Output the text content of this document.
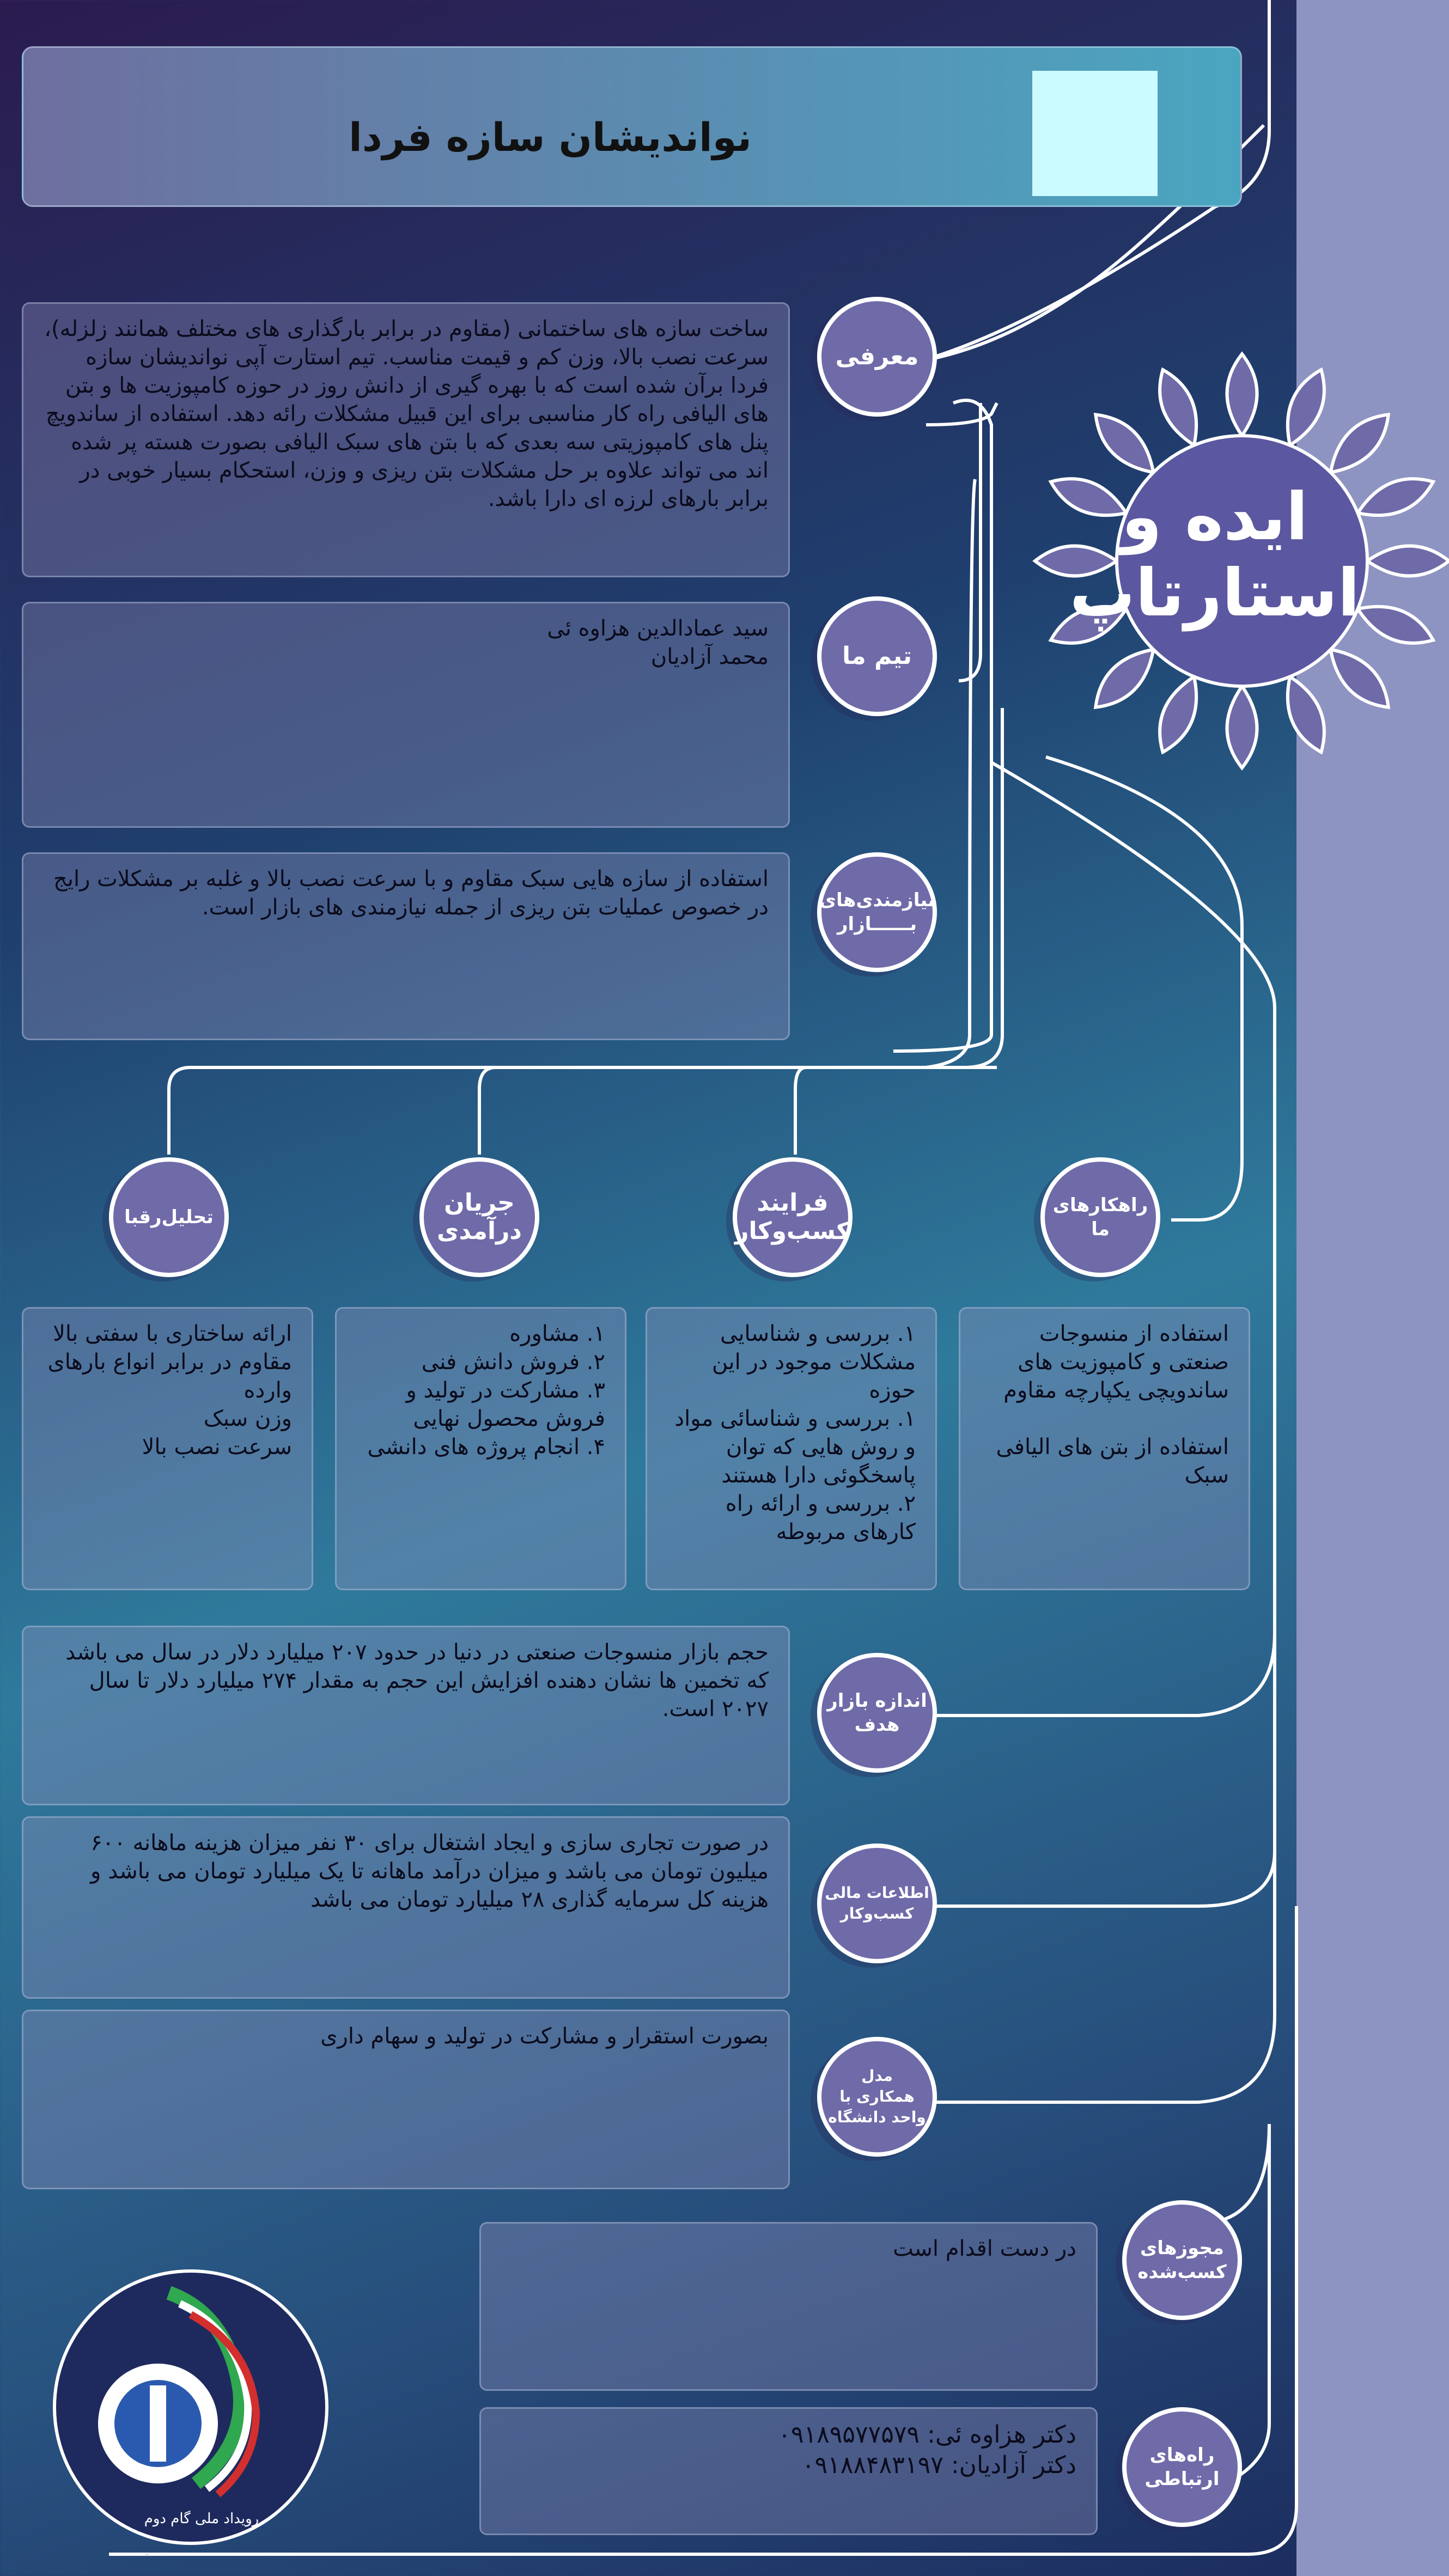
نواندیشان سازه فردا
ایده و
استارتاپ
ساخت سازه های ساختمانی (مقاوم در برابر بارگذاری های مختلف همانند زلزله)، سرعت نصب بالا، وزن کم و قیمت مناسب. تیم استارت آپی نواندیشان سازه فردا برآن شده است که با بهره گیری از دانش روز در حوزه کامپوزیت ها و بتن های الیافی راه کار مناسبی برای این قبیل مشکلات رائه دهد. استفاده از ساندویچ پنل های کامپوزیتی سه بعدی که با بتن های سبک الیافی بصورت هسته پر شده اند می تواند علاوه بر حل مشکلات بتن ریزی و وزن، استحکام بسیار خوبی در برابر بارهای لرزه ای دارا باشد.
معرفی
سید عمادالدین هزاوه ئی
محمد آزادیان	تیم ما
استفاده از سازه هایی سبک مقاوم و با سرعت نصب بالا و غلبه بر مشکلات رایج در خصوص عملیات بتن ریزی از جمله نیازمندی های بازار است.	نیازمندی‌های
بــــــازار
راهکارهای
ما
فرایند
کسب‌و‌کار
جریان
درآمدی
تحلیل‌رقبا
استفاده از منسوجات صنعتی و کامپوزیت های ساندویچی یکپارچه مقاوم

استفاده از بتن های الیافی سبک
۱. بررسی و شناسایی مشکلات موجود در این حوزه
۱. بررسی و شناسائی مواد و روش هایی که توان پاسخگوئی دارا هستند
۲. بررسی و ارائه راه کارهای مربوطه
۱. مشاوره
۲. فروش دانش فنی
۳. مشارکت در تولید و فروش محصول نهایی
۴. انجام پروژه های دانشی
ارائه ساختاری با سفتی بالا
مقاوم در برابر انواع بارهای وارده
وزن سبک
سرعت نصب بالا
حجم بازار منسوجات صنعتی در دنیا در حدود ۲۰۷ میلیارد دلار در سال می باشد که تخمین ها نشان دهنده افزایش این حجم به مقدار ۲۷۴ میلیارد دلار تا سال ۲۰۲۷ است.	اندازه بازار
هدف
در صورت تجاری سازی و ایجاد اشتغال برای ۳۰ نفر میزان هزینه ماهانه ۶۰۰ میلیون تومان می باشد و میزان درآمد ماهانه تا یک میلیارد تومان می باشد و هزینه کل سرمایه گذاری ۲۸ میلیارد تومان می باشد	اطلاعات مالی
کسب‌و‌کار
بصورت استقرار و مشارکت در تولید و سهام داری
مدل
همکاری با
واحد دانشگاه
در دست اقدام است	مجوزهای
کسب‌شده
دکتر هزاوه ئی: ۰۹۱۸۹۵۷۷۵۷۹
دکتر آزادیان: ۰۹۱۸۸۴۸۳۱۹۷	راه‌های
ارتباطی
رویداد ملی گام دوم
